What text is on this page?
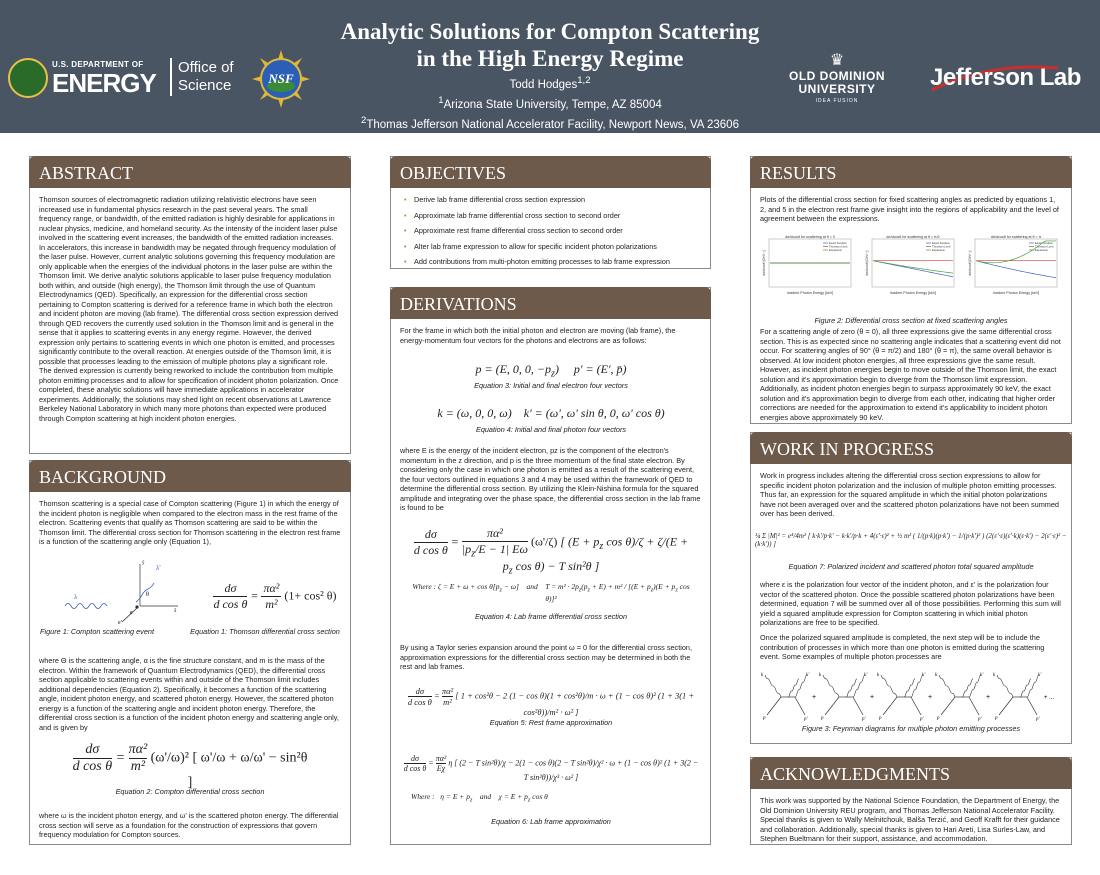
U.S. DEPARTMENT OF
ENERGY
Office of
Science	NSF
Analytic Solutions for Compton Scattering
in the High Energy Regime
Todd Hodges$^{1,2}$
$^1$Arizona State University, Tempe, AZ 85004
$^2$Thomas Jefferson National Accelerator Facility, Newport News, VA 23606
♛
OLD DOMINION
UNIVERSITY
IDEA FUSION
Jefferson Lab
ABSTRACT
Thomson sources of electromagnetic radiation utilizing relativistic electrons have seen increased use in fundamental physics research in the past several years. The small frequency range, or bandwidth, of the emitted radiation is highly desirable for applications in nuclear physics, medicine, and homeland security. As the intensity of the incident laser pulse involved in the scattering event increases, the bandwidth of the emitted radiation increases. In accelerators, this increase in bandwidth may be negated through frequency modulation of the laser pulse. However, current analytic solutions governing this frequency modulation are only applicable when the energies of the individual photons in the laser pulse are within the Thomson limit. We derive analytic solutions applicable to laser pulse frequency modulation both within, and outside (high energy), the Thomson limit through the use of Quantum Electrodynamics (QED). Specifically, an expression for the differential cross section pertaining to Compton scattering is derived for a reference frame in which both the electron and incident photon are moving (lab frame). The differential cross section expression derived through QED recovers the currently used solution in the Thomson limit and is general in the sense that it applies to scattering events in any energy regime. However, the derived expression only pertains to scattering events in which one photon is emitted, and processes significantly contribute to the overall reaction. At energies outside of the Thomson limit, it is possible that processes leading to the emission of multiple photons play a significant role. The derived expression is currently being reworked to include the contribution from multiple photon emitting processes and to allow for specification of incident photon polarization. Once completed, these analytic solutions will have immediate applications in accelerator experiments. Additionally, the solutions may shed light on recent observations at Lawrence Berkeley National Laboratory in which many more photons than expected were produced through Compton scattering at high incident photon energies.
BACKGROUND
Thomson scattering is a special case of Compton scattering (Figure 1) in which the energy of the incident photon is negligible when compared to the electron mass in the rest frame of the electron. Scattering events that qualify as Thomson scattering are said to be within the Thomson limit. The differential cross section for Thomson scattering in the electron rest frame is a function of the scattering angle only (Equation 1),
λ
λ'
θ
e
e'
ŷ
x̂
Figure 1: Compton scattering event
$\frac{d\sigma}{\text{d cos θ}} = \frac{\text{πα²}}{\text{m²}} (1+ \cos^2$ θ)
Equation 1: Thomson differential cross section
where Θ is the scattering angle, α is the fine structure constant, and m is the mass of the electron. Within the framework of Quantum Electrodynamics (QED), the differential cross section applicable to scattering events within and outside of the Thomson limit includes additional dependencies (Equation 2). Specifically, it becomes a function of the scattering angle, incident photon energy, and scattered photon energy. However, the scattered photon energy is a function of the scattering angle and incident photon energy. Therefore, the differential cross section is a function of the incident photon energy and scattering angle only, and is given by
$\frac{d\sigma}{\text{d cos θ}} = \frac{\text{πα²}}{\text{m²}} (\omega'/\omega)^2$ [ ω'/ω + ω/ω' − sin²θ ]
Equation 2: Compton differential cross section
where ω is the incident photon energy, and ω' is the scattered photon energy. The differential cross section will serve as a foundation for the construction of expressions that govern frequency modulation for Compton sources.
OBJECTIVES
• Derive lab frame differential cross section expression
• Approximate lab frame differential cross section to second order
• Approximate rest frame differential cross section to second order
• Alter lab frame expression to allow for specific incident photon polarizations
• Add contributions from multi-photon emitting processes to lab frame expression
DERIVATIONS
For the frame in which both the initial photon and electron are moving (lab frame), the energy-momentum four vectors for the photons and electrons are as follows:
p = (E, 0, 0, $-p_z$)     p' = (E', p̄)
Equation 3: Initial and final electron four vectors
k = (ω, 0, 0, ω)    k' = (ω', ω' sin θ, 0, ω' cos θ)
Equation 4: Initial and final photon four vectors
where E is the energy of the incident electron, pz is the component of the electron's momentum in the z direction, and p is the three momentum of the final state electron. By considering only the case in which one photon is emitted as a result of the scattering event, the four vectors outlined in equations 3 and 4 may be used within the framework of QED to determine the differential cross section. By utilizing the Klein-Nishina formula for the squared amplitude and integrating over the phase space, the differential cross section in the lab frame is found to be
$\frac{d\sigma}{\text{d cos θ}} = \frac{\text{πα²}}{|p_z/E - 1| E\omega} (\omega'/\zeta)$ [ ($E + p_z$ $\cos \theta)/\zeta + \zeta/(E + p_z$ cos θ) − T sin²θ ]
Where : $\zeta = E + \omega + \cos \theta[p_z - \omega]$    and    $T = m^2 \cdot 2p_z(p_z + E) + m^2 / [(E + p_z)(E + p_z$ cos θ)]²
Equation 4: Lab frame differential cross section
By using a Taylor series expansion around the point ω = 0 for the differential cross section, approximation expressions for the differential cross section may be determined in both the rest and lab frames.
$\frac{d\sigma}{\text{d cos θ}} = \frac{\text{πα²}}{\text{m²}}$ [ 1 + cos²θ − 2 (1 − cos θ)(1 + cos²θ)/m · ω + (1 − cos θ)² (1 + 3(1 + cos²θ))/m² · ω² ]
Equation 5: Rest frame approximation
$\frac{d\sigma}{\text{d cos θ}} = \frac{\text{πα²}}{E\chi}$ η [ (2 − T sin²θ)/χ − 2(1 − cos θ)(2 − T sin²θ)/χ² · ω + (1 − cos θ)² (1 + 3(2 − T sin²θ))/χ³ · ω² ]
Where :   $\eta = E + p_z$    and    $\chi = E + p_z$ cos θ
Equation 6: Lab frame approximation
RESULTS
Plots of the differential cross section for fixed scattering angles as predicted by equations 1, 2, and 5 in the electron rest frame give insight into the regions of applicability and the level of agreement between the expressions.
dσ/dcosθ for scattering at θ = 0
Incident Photon Energy [keV]
dσ/dcosθ [GeV⁻²]
Exact Solution
Thomson Limit
Expansion
dσ/dcosθ for scattering at θ = π/2
Incident Photon Energy [keV]
dσ/dcosθ [GeV⁻²]
Exact Solution
Thomson Limit
Expansion
dσ/dcosθ for scattering at θ = π
Incident Photon Energy [keV]
dσ/dcosθ [GeV⁻²]
Exact Solution
Thomson Limit
Expansion
Figure 2: Differential cross section at fixed scattering angles
For a scattering angle of zero (θ = 0), all three expressions give the same differential cross section. This is as expected since no scattering angle indicates that a scattering event did not occur. For scattering angles of 90° (θ = π/2) and 180° (θ = π), the same overall behavior is observed. At low incident photon energies, all three expressions give the same result. However, as incident photon energies begin to move outside of the Thomson limit, the exact solution and it's approximation begin to diverge from the Thomson limit expression. Additionally, as incident photon energies begin to surpass approximately 90 keV, the exact solution and it's approximation begin to diverge from each other, indicating that higher order corrections are needed for the approximation to extend it's applicability to incident photon energies above approximately 90 keV.
WORK IN PROGRESS
Work in progress includes altering the differential cross section expressions to allow for specific incident photon polarization and the inclusion of multiple photon emitting processes. Thus far, an expression for the squared amplitude in which the initial photon polarizations have not been averaged over and the scattered photon polarizations have not been summed over has been derived.
¼ Σ |M|² = e⁴/4m² [ k·k'/p·k' − k·k'/p·k + 4(ε'·ε)² + ½ m² ( 1/(p·k)(p·k') − 1/(p·k')² ) (2(ε'·ε)(ε'·k)(ε·k') − 2(ε'·ε)² − (k·k')) ]
Equation 7: Polarized incident and scattered photon total squared amplitude
where ε is the polarization four vector of the incident photon, and ε' is the polarization four vector of the scattered photon. Once the possible scattered photon polarizations have been determined, equation 7 will be summed over all of those possibilities. Performing this sum will yield a squared amplitude expression for Compton scattering in which initial photon polarizations are free to be specified.
Once the polarized squared amplitude is completed, the next step will be to include the contribution of processes in which more than one photon is emitted during the scattering event. Some examples of multiple photon processes are
p
k	k'
p'
+
p
k	k'
p'
+
p
k	k'
p'
+
p
k	k'
p'
+
p
k	k'
p'
+ ...
Figure 3: Feynman diagrams for multiple photon emitting processes
ACKNOWLEDGMENTS
This work was supported by the National Science Foundation, the Department of Energy, the Old Dominion University REU program, and Thomas Jefferson National Accelerator Facility. Special thanks is given to Wally Melnitchouk, Balša Terzić, and Geoff Krafft for their guidance and collaboration. Additionally, special thanks is given to Hari Areti, Lisa Surles-Law, and Stephen Bueltmann for their support, assistance, and accommodation.
